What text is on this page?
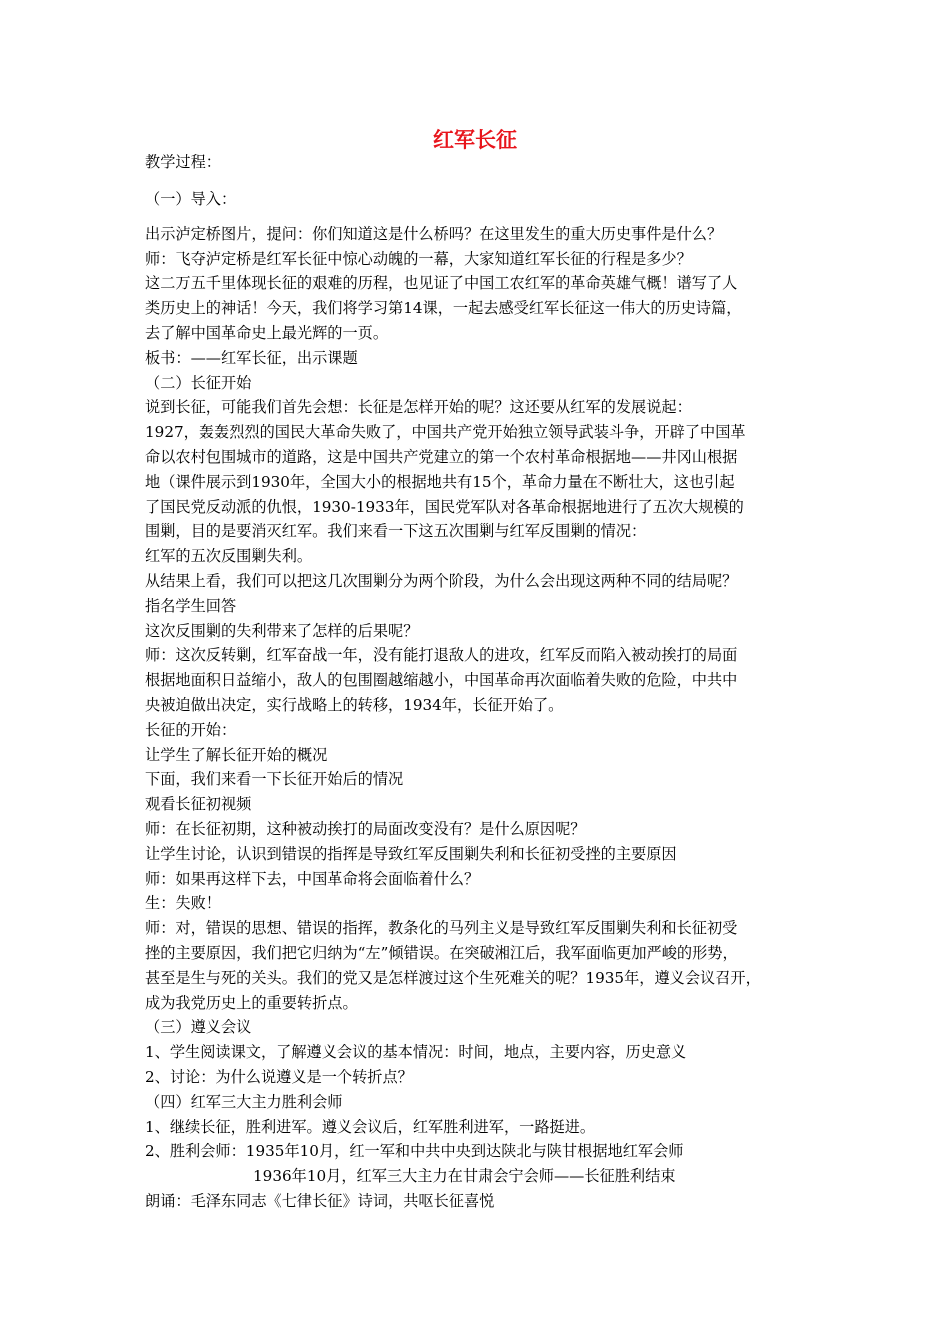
红军长征

教学过程：

（一）导入：

出示泸定桥图片，提问：你们知道这是什么桥吗？在这里发生的重大历史事件是什么？

师：飞夺泸定桥是红军长征中惊心动魄的一幕，大家知道红军长征的行程是多少？

这二万五千里体现长征的艰难的历程，也见证了中国工农红军的革命英雄气概！谱写了人

类历史上的神话！今天，我们将学习第14课，一起去感受红军长征这一伟大的历史诗篇，

去了解中国革命史上最光辉的一页。

板书：——红军长征，出示课题

（二）长征开始

说到长征，可能我们首先会想：长征是怎样开始的呢？这还要从红军的发展说起：

1927，轰轰烈烈的国民大革命失败了，中国共产党开始独立领导武装斗争，开辟了中国革

命以农村包围城市的道路，这是中国共产党建立的第一个农村革命根据地——井冈山根据

地（课件展示到1930年，全国大小的根据地共有15个，革命力量在不断壮大，这也引起

了国民党反动派的仇恨，1930-1933年，国民党军队对各革命根据地进行了五次大规模的

围剿，目的是要消灭红军。我们来看一下这五次围剿与红军反围剿的情况：

红军的五次反围剿失利。

从结果上看，我们可以把这几次围剿分为两个阶段，为什么会出现这两种不同的结局呢？

指名学生回答

这次反围剿的失利带来了怎样的后果呢？

师：这次反转剿，红军奋战一年，没有能打退敌人的进攻，红军反而陷入被动挨打的局面

根据地面积日益缩小，敌人的包围圈越缩越小，中国革命再次面临着失败的危险，中共中

央被迫做出决定，实行战略上的转移，1934年，长征开始了。

长征的开始：

让学生了解长征开始的概况

下面，我们来看一下长征开始后的情况

观看长征初视频

师：在长征初期，这种被动挨打的局面改变没有？是什么原因呢？

让学生讨论，认识到错误的指挥是导致红军反围剿失利和长征初受挫的主要原因

师：如果再这样下去，中国革命将会面临着什么？

生：失败！

师：对，错误的思想、错误的指挥，教条化的马列主义是导致红军反围剿失利和长征初受

挫的主要原因，我们把它归纳为“左”倾错误。在突破湘江后，我军面临更加严峻的形势，

甚至是生与死的关头。我们的党又是怎样渡过这个生死难关的呢？1935年，遵义会议召开，

成为我党历史上的重要转折点。

（三）遵义会议

1、学生阅读课文，了解遵义会议的基本情况：时间，地点，主要内容，历史意义

2、讨论：为什么说遵义是一个转折点？

（四）红军三大主力胜利会师

1、继续长征，胜利进军。遵义会议后，红军胜利进军，一路挺进。

2、胜利会师：1935年10月，红一军和中共中央到达陕北与陕甘根据地红军会师

1936年10月，红军三大主力在甘肃会宁会师——长征胜利结束

朗诵：毛泽东同志《七律长征》诗词，共呕长征喜悦
